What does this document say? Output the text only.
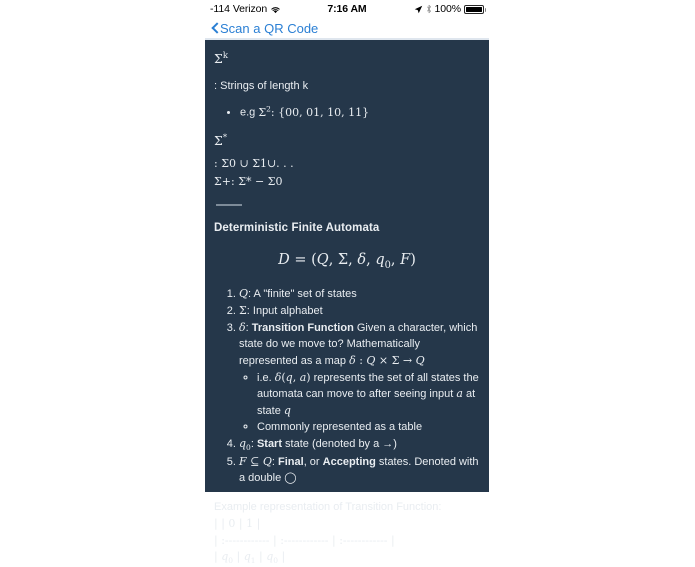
-114 Verizon	7:16 AM	100%
Scan a QR Code
$\Sigma^k$
: Strings of length k
• e.g $\Sigma^2$: {00, 01, 10, 11}
Σ*
: Σ0 ∪ Σ1∪. . .
Σ+: Σ* − Σ0
Deterministic Finite Automata
D = (Q, Σ, δ, $q_0$, F)
1. Q: A "finite" set of states
2. Σ: Input alphabet
3. δ: Transition Function Given a character, which state do we move to? Mathematically represented as a map δ : Q × Σ → Q
◦ i.e. δ(q, a) represents the set of all states the automata can move to after seeing input a at state q
◦ Commonly represented as a table
4. $q_0$: Start state (denoted by a →)
5. F ⊆ Q: Final, or Accepting states. Denoted with a double ◯
Example representation of Transition Function:
| | 0 | 1 |
| :------------ | :------------ | :------------ |
| $q_0$ | $q_1$ | $q_0$ |
